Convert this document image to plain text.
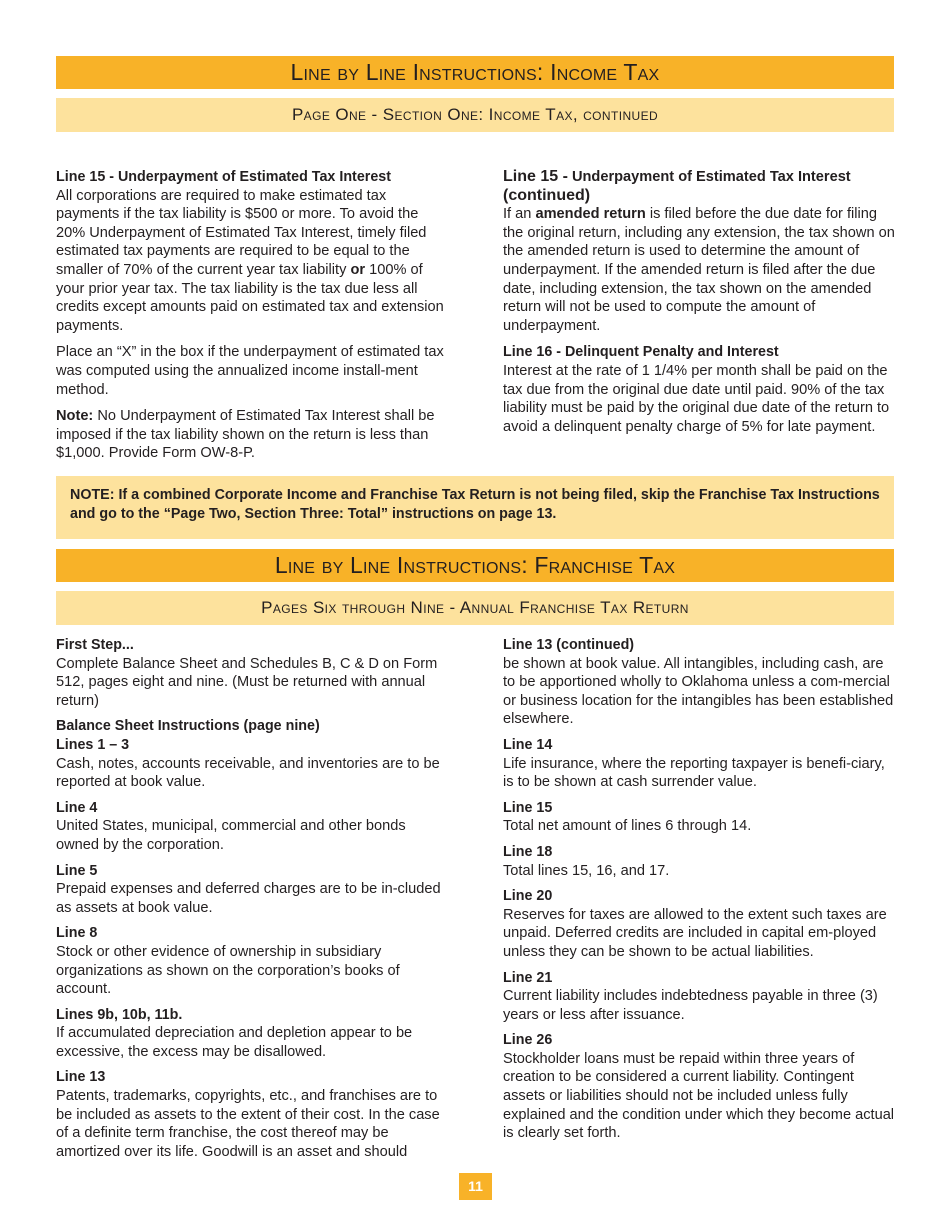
Line by Line Instructions: Income Tax
Page One - Section One: Income Tax, continued

Line 15 - Underpayment of Estimated Tax Interest
All corporations are required to make estimated tax payments if the tax liability is $500 or more. To avoid the 20% Underpayment of Estimated Tax Interest, timely filed estimated tax payments are required to be equal to the smaller of 70% of the current year tax liability or 100% of your prior year tax. The tax liability is the tax due less all credits except amounts paid on estimated tax and extension payments.

Place an “X” in the box if the underpayment of estimated tax was computed using the annualized income install-ment method.

Note: No Underpayment of Estimated Tax Interest shall be imposed if the tax liability shown on the return is less than $1,000. Provide Form OW-8-P.

Line 15 - Underpayment of Estimated Tax Interest
(continued)

If an amended return is filed before the due date for filing the original return, including any extension, the tax shown on the amended return is used to determine the amount of underpayment. If the amended return is filed after the due date, including extension, the tax shown on the amended return will not be used to compute the amount of underpayment.

Line 16 - Delinquent Penalty and Interest
Interest at the rate of 1 1/4% per month shall be paid on the tax due from the original due date until paid. 90% of the tax liability must be paid by the original due date of the return to avoid a delinquent penalty charge of 5% for late payment.

NOTE: If a combined Corporate Income and Franchise Tax Return is not being filed, skip the Franchise Tax Instructions and go to the “Page Two, Section Three: Total” instructions on page 13.
Line by Line Instructions: Franchise Tax
Pages Six through Nine - Annual Franchise Tax Return
First Step...
Complete Balance Sheet and Schedules B, C & D on Form 512, pages eight and nine. (Must be returned with annual return)
Balance Sheet Instructions (page nine)
Lines 1 – 3
Cash, notes, accounts receivable, and inventories are to be reported at book value.
Line 4
United States, municipal, commercial and other bonds owned by the corporation.
Line 5
Prepaid expenses and deferred charges are to be in-cluded as assets at book value.
Line 8
Stock or other evidence of ownership in subsidiary organizations as shown on the corporation’s books of account.
Lines 9b, 10b, 11b.
If accumulated depreciation and depletion appear to be excessive, the excess may be disallowed.
Line 13
Patents, trademarks, copyrights, etc., and franchises are to be included as assets to the extent of their cost. In the case of a definite term franchise, the cost thereof may be amortized over its life. Goodwill is an asset and should
Line 13 (continued)
be shown at book value. All intangibles, including cash, are to be apportioned wholly to Oklahoma unless a com-mercial or business location for the intangibles has been established elsewhere.
Line 14
Life insurance, where the reporting taxpayer is benefi-ciary, is to be shown at cash surrender value.
Line 15
Total net amount of lines 6 through 14.
Line 18
Total lines 15, 16, and 17.
Line 20
Reserves for taxes are allowed to the extent such taxes are unpaid. Deferred credits are included in capital em-ployed unless they can be shown to be actual liabilities.
Line 21
Current liability includes indebtedness payable in three (3) years or less after issuance.
Line 26
Stockholder loans must be repaid within three years of creation to be considered a current liability. Contingent assets or liabilities should not be included unless fully explained and the condition under which they become actual is clearly set forth.
11
